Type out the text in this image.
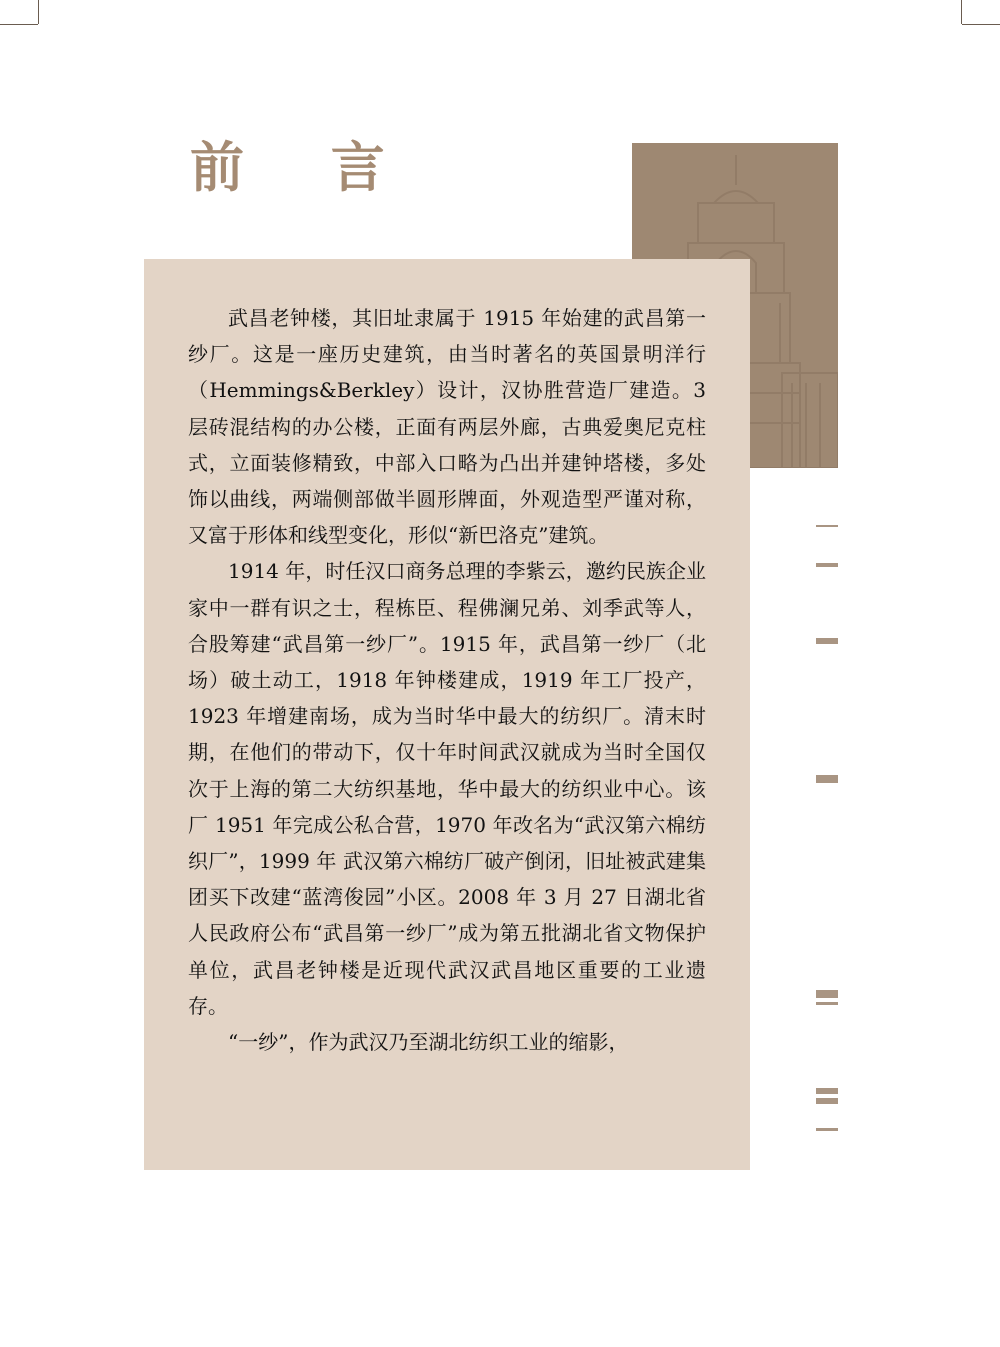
前 言

武昌老钟楼，其旧址隶属于 1915 年始建的武昌第一纱厂。这是一座历史建筑，由当时著名的英国景明洋行（Hemmings&Berkley）设计，汉协胜营造厂建造。3 层砖混结构的办公楼，正面有两层外廊，古典爱奥尼克柱式，立面装修精致，中部入口略为凸出并建钟塔楼，多处饰以曲线，两端侧部做半圆形牌面，外观造型严谨对称，又富于形体和线型变化，形似“新巴洛克”建筑。

1914 年，时任汉口商务总理的李紫云，邀约民族企业家中一群有识之士，程栋臣、程佛澜兄弟、刘季武等人，合股筹建“武昌第一纱厂”。1915 年，武昌第一纱厂（北场）破土动工，1918 年钟楼建成，1919 年工厂投产，1923 年增建南场，成为当时华中最大的纺织厂。清末时期，在他们的带动下，仅十年时间武汉就成为当时全国仅次于上海的第二大纺织基地，华中最大的纺织业中心。该厂 1951 年完成公私合营，1970 年改名为“武汉第六棉纺织厂”，1999 年 武汉第六棉纺厂破产倒闭，旧址被武建集团买下改建“蓝湾俊园”小区。2008 年 3 月 27 日湖北省人民政府公布“武昌第一纱厂”成为第五批湖北省文物保护单位，武昌老钟楼是近现代武汉武昌地区重要的工业遗存。

“一纱”，作为武汉乃至湖北纺织工业的缩影，
